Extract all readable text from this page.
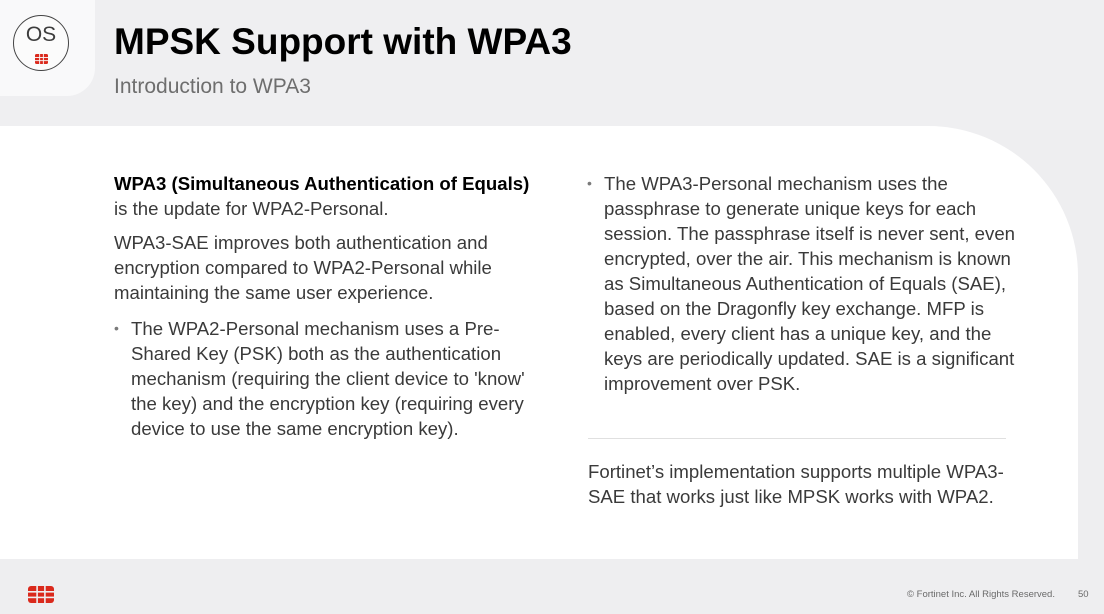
OS	MPSK Support with WPA3
Introduction to WPA3

WPA3 (Simultaneous Authentication of Equals) is the update for WPA2-Personal.

WPA3-SAE improves both authentication and encryption compared to WPA2-Personal while maintaining the same user experience.

• The WPA2-Personal mechanism uses a Pre-Shared Key (PSK) both as the authentication mechanism (requiring the client device to 'know' the key) and the encryption key (requiring every device to use the same encryption key).

• The WPA3-Personal mechanism uses the passphrase to generate unique keys for each session. The passphrase itself is never sent, even encrypted, over the air. This mechanism is known as Simultaneous Authentication of Equals (SAE), based on the Dragonfly key exchange. MFP is enabled, every client has a unique key, and the keys are periodically updated. SAE is a significant improvement over PSK.

Fortinet’s implementation supports multiple WPA3-SAE that works just like MPSK works with WPA2.
© Fortinet Inc. All Rights Reserved. 50
